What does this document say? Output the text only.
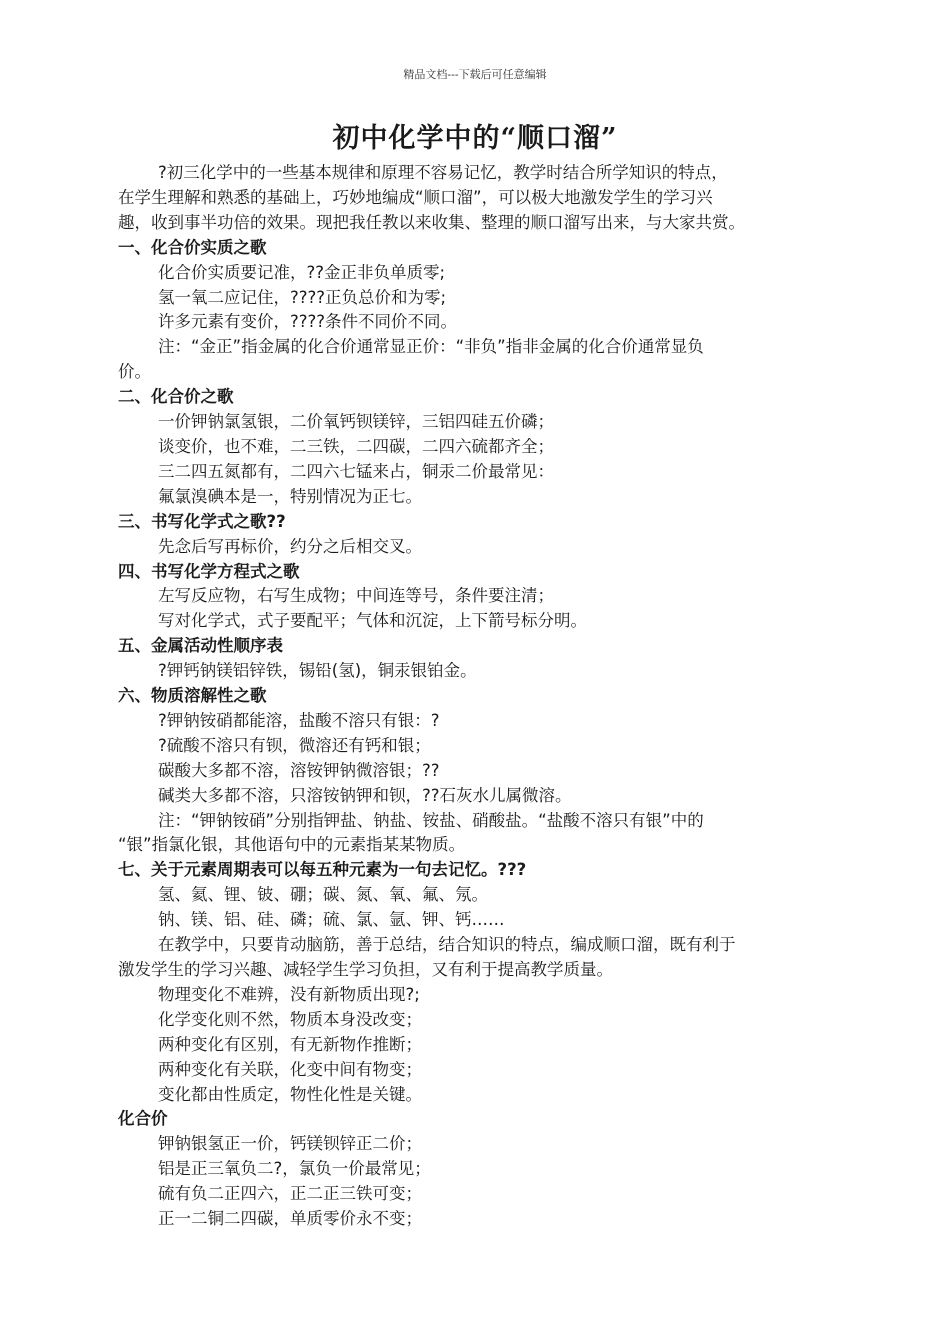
精品文档---下载后可任意编辑
初中化学中的“顺口溜”
?初三化学中的一些基本规律和原理不容易记忆，教学时结合所学知识的特点，
在学生理解和熟悉的基础上，巧妙地编成“顺口溜”，可以极大地激发学生的学习兴
趣，收到事半功倍的效果。现把我任教以来收集、整理的顺口溜写出来，与大家共赏。
一、化合价实质之歌
化合价实质要记准，??金正非负单质零;
氢一氧二应记住，????正负总价和为零;
许多元素有变价，????条件不同价不同。
注：“金正”指金属的化合价通常显正价：“非负”指非金属的化合价通常显负
价。
二、化合价之歌
一价钾钠氯氢银，二价氧钙钡镁锌，三铝四硅五价磷；
谈变价，也不难，二三铁，二四碳，二四六硫都齐全；
三二四五氮都有，二四六七锰来占，铜汞二价最常见：
氟氯溴碘本是一，特别情况为正七。
三、书写化学式之歌??
先念后写再标价，约分之后相交叉。
四、书写化学方程式之歌
左写反应物，右写生成物；中间连等号，条件要注清；
写对化学式，式子要配平；气体和沉淀，上下箭号标分明。
五、金属活动性顺序表
?钾钙钠镁铝锌铁，锡铅(氢)，铜汞银铂金。
六、物质溶解性之歌
?钾钠铵硝都能溶，盐酸不溶只有银：?
?硫酸不溶只有钡，微溶还有钙和银；
碳酸大多都不溶，溶铵钾钠微溶银；??
碱类大多都不溶，只溶铵钠钾和钡，??石灰水儿属微溶。
注：“钾钠铵硝”分别指钾盐、钠盐、铵盐、硝酸盐。“盐酸不溶只有银”中的
“银”指氯化银，其他语句中的元素指某某物质。
七、关于元素周期表可以每五种元素为一句去记忆。???
氢、氦、锂、铍、硼；碳、氮、氧、氟、氖。
钠、镁、铝、硅、磷；硫、氯、氩、钾、钙……
在教学中，只要肯动脑筋，善于总结，结合知识的特点，编成顺口溜，既有利于
激发学生的学习兴趣、减轻学生学习负担，又有利于提高教学质量。
物理变化不难辨，没有新物质出现?;
化学变化则不然，物质本身没改变；
两种变化有区别，有无新物作推断；
两种变化有关联，化变中间有物变；
变化都由性质定，物性化性是关键。
化合价
钾钠银氢正一价，钙镁钡锌正二价；
铝是正三氧负二?，氯负一价最常见；
硫有负二正四六，正二正三铁可变；
正一二铜二四碳，单质零价永不变；
